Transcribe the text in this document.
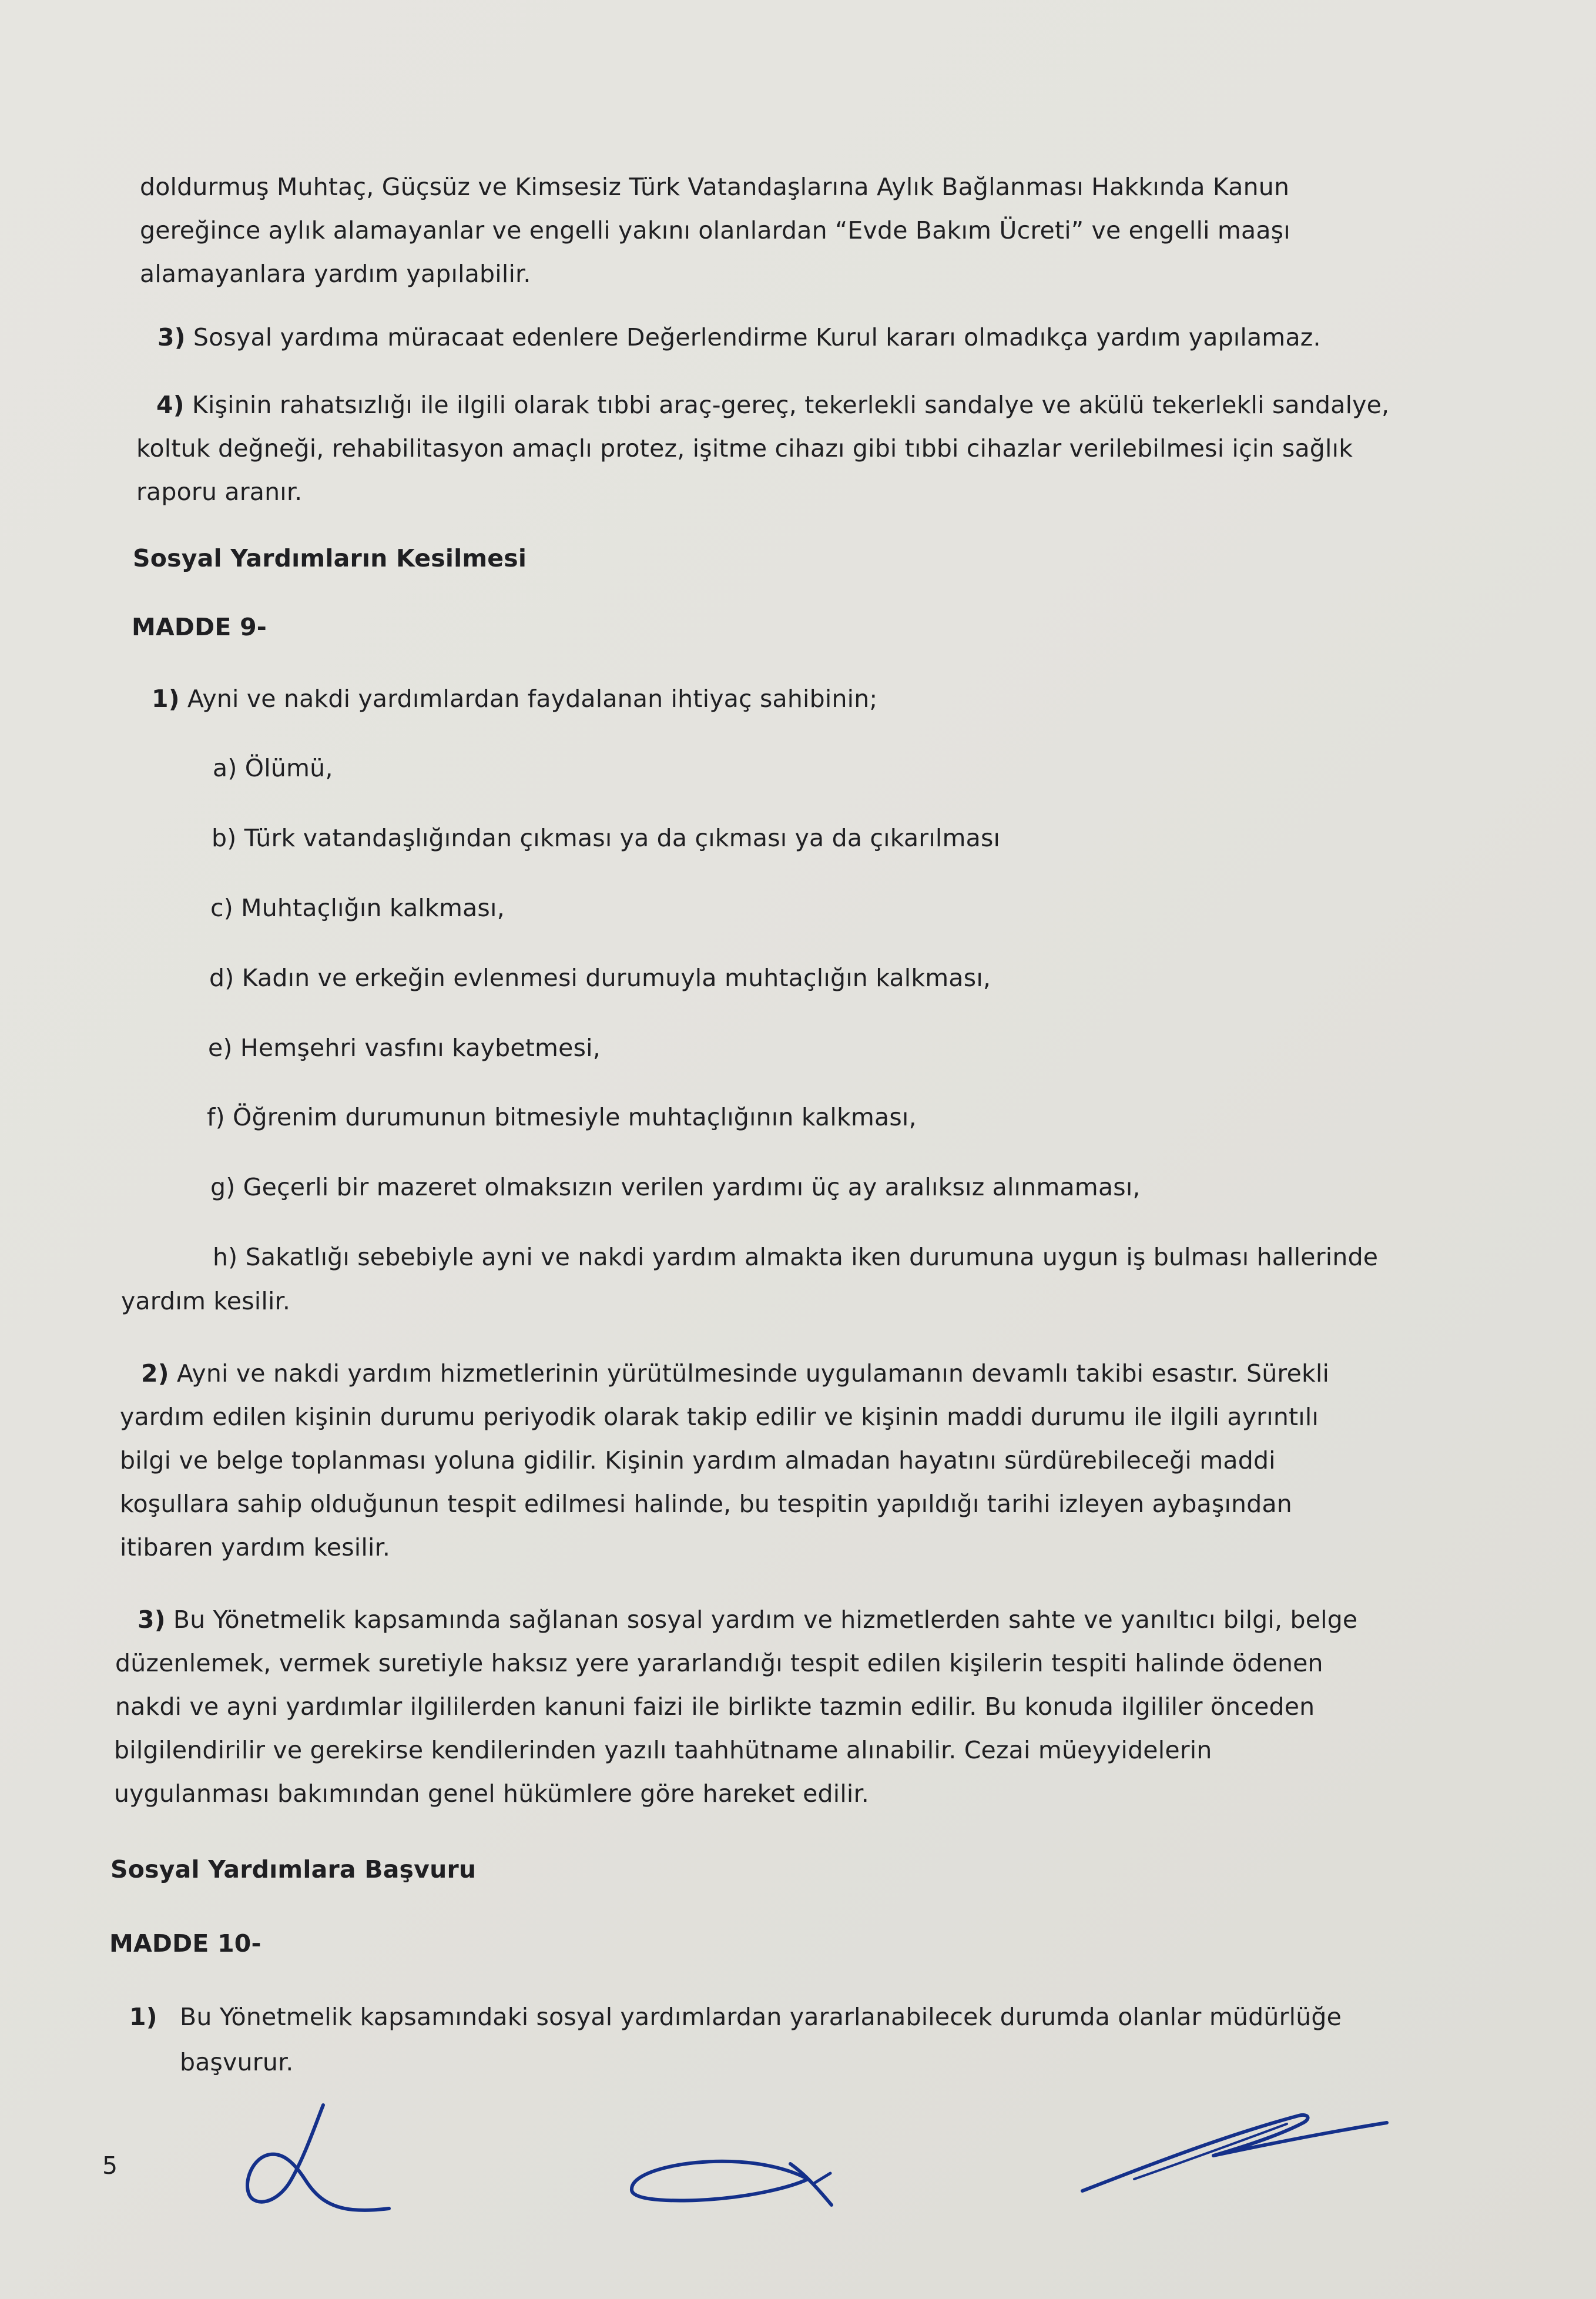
doldurmuş Muhtaç, Güçsüz ve Kimsesiz Türk Vatandaşlarına Aylık Bağlanması Hakkında Kanun

gereğince aylık alamayanlar ve engelli yakını olanlardan “Evde Bakım Ücreti” ve engelli maaşı

alamayanlara yardım yapılabilir.

3) Sosyal yardıma müracaat edenlere Değerlendirme Kurul kararı olmadıkça yardım yapılamaz.

4) Kişinin rahatsızlığı ile ilgili olarak tıbbi araç-gereç, tekerlekli sandalye ve akülü tekerlekli sandalye,

koltuk değneği, rehabilitasyon amaçlı protez, işitme cihazı gibi tıbbi cihazlar verilebilmesi için sağlık

raporu aranır.

Sosyal Yardımların Kesilmesi

MADDE 9-

1) Ayni ve nakdi yardımlardan faydalanan ihtiyaç sahibinin;

a) Ölümü,

b) Türk vatandaşlığından çıkması ya da çıkması ya da çıkarılması

c) Muhtaçlığın kalkması,

d) Kadın ve erkeğin evlenmesi durumuyla muhtaçlığın kalkması,

e) Hemşehri vasfını kaybetmesi,

f) Öğrenim durumunun bitmesiyle muhtaçlığının kalkması,

g) Geçerli bir mazeret olmaksızın verilen yardımı üç ay aralıksız alınmaması,

h) Sakatlığı sebebiyle ayni ve nakdi yardım almakta iken durumuna uygun iş bulması hallerinde

yardım kesilir.

2) Ayni ve nakdi yardım hizmetlerinin yürütülmesinde uygulamanın devamlı takibi esastır. Sürekli

yardım edilen kişinin durumu periyodik olarak takip edilir ve kişinin maddi durumu ile ilgili ayrıntılı

bilgi ve belge toplanması yoluna gidilir. Kişinin yardım almadan hayatını sürdürebileceği maddi

koşullara sahip olduğunun tespit edilmesi halinde, bu tespitin yapıldığı tarihi izleyen aybaşından

itibaren yardım kesilir.

3) Bu Yönetmelik kapsamında sağlanan sosyal yardım ve hizmetlerden sahte ve yanıltıcı bilgi, belge

düzenlemek, vermek suretiyle haksız yere yararlandığı tespit edilen kişilerin tespiti halinde ödenen

nakdi ve ayni yardımlar ilgililerden kanuni faizi ile birlikte tazmin edilir. Bu konuda ilgililer önceden

bilgilendirilir ve gerekirse kendilerinden yazılı taahhütname alınabilir. Cezai müeyyidelerin

uygulanması bakımından genel hükümlere göre hareket edilir.

Sosyal Yardımlara Başvuru

MADDE 10-

1) Bu Yönetmelik kapsamındaki sosyal yardımlardan yararlanabilecek durumda olanlar müdürlüğe

başvurur.

5
